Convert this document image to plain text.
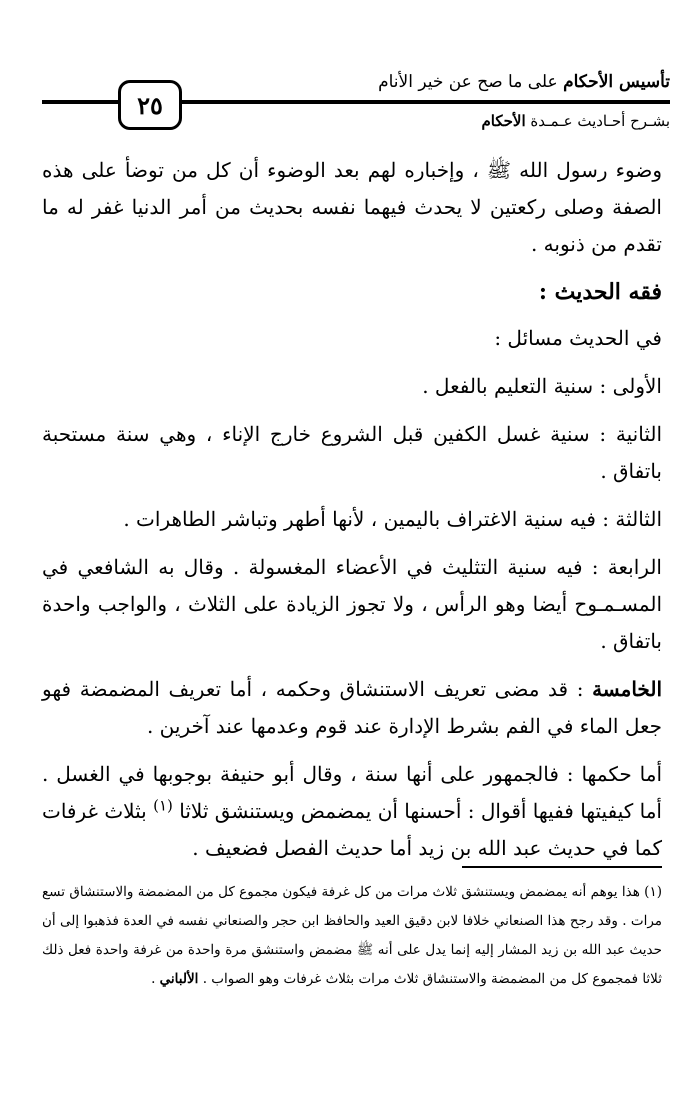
تأسيس الأحكام على ما صح عن خير الأنام
٢٥
بشـرح أحـاديث عـمـدة الأحكام

وضوء رسول الله ﷺ ، وإخباره لهم بعد الوضوء أن كل من توضأ على هذه الصفة وصلى ركعتين لا يحدث فيهما نفسه بحديث من أمر الدنيا غفر له ما تقدم من ذنوبه .

فقه الحديث :

في الحديث مسائل :

الأولى : سنية التعليم بالفعل .

الثانية : سنية غسل الكفين قبل الشروع خارج الإناء ، وهي سنة مستحبة باتفاق .

الثالثة : فيه سنية الاغتراف باليمين ، لأنها أطهر وتباشر الطاهرات .

الرابعة : فيه سنية التثليث في الأعضاء المغسولة . وقال به الشافعي في المسـمـوح أيضا وهو الرأس ، ولا تجوز الزيادة على الثلاث ، والواجب واحدة باتفاق .

الخامسة : قد مضى تعريف الاستنشاق وحكمه ، أما تعريف المضمضة فهو جعل الماء في الفم بشرط الإدارة عند قوم وعدمها عند آخرين .

أما حكمها : فالجمهور على أنها سنة ، وقال أبو حنيفة بوجوبها في الغسل . أما كيفيتها ففيها أقوال : أحسنها أن يمضمض ويستنشق ثلاثا $^{(١)}$ بثلاث غرفات كما في حديث عبد الله بن زيد أما حديث الفصل فضعيف .

(١) هذا يوهم أنه يمضمض ويستنشق ثلاث مرات من كل غرفة فيكون مجموع كل من المضمضة والاستنشاق تسع مرات . وقد رجح هذا الصنعاني خلافا لابن دقيق العيد والحافظ ابن حجر والصنعاني نفسه في العدة فذهبوا إلى أن حديث عبد الله بن زيد المشار إليه إنما يدل على أنه ﷺ مضمض واستنشق مرة واحدة من غرفة واحدة فعل ذلك ثلاثا فمجموع كل من المضمضة والاستنشاق ثلاث مرات بثلاث غرفات وهو الصواب . الألباني .
